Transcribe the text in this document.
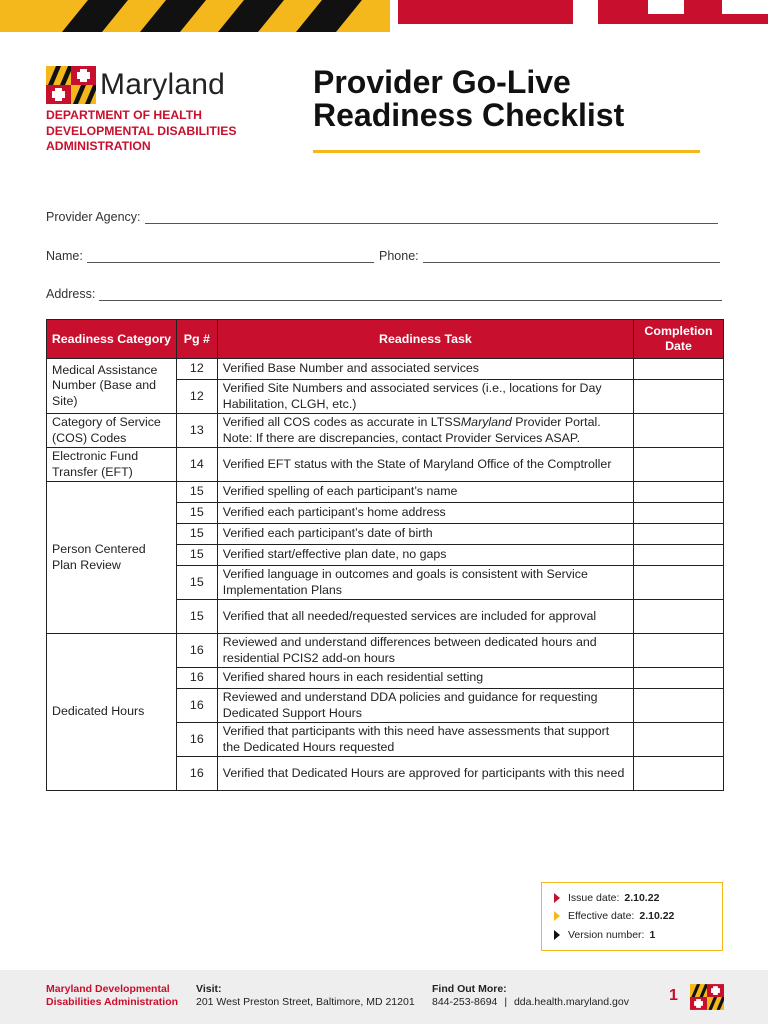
Maryland
DEPARTMENT OF HEALTH
DEVELOPMENTAL DISABILITIES
ADMINISTRATION
Provider Go-Live
Readiness Checklist
Provider Agency:
Name:	Phone:
Address:
Readiness Category	Pg #	Readiness Task	Completion Date
Medical Assistance Number (Base and Site)	12	Verified Base Number and associated services	
	12	Verified Site Numbers and associated services (i.e., locations for Day Habilitation, CLGH, etc.)	
Category of Service (COS) Codes	13	Verified all COS codes as accurate in LTSSMaryland Provider Portal. Note: If there are discrepancies, contact Provider Services ASAP.	
Electronic Fund Transfer (EFT)	14	Verified EFT status with the State of Maryland Office of the Comptroller	
Person Centered Plan Review	15	Verified spelling of each participant’s name	
	15	Verified each participant’s home address	
	15	Verified each participant’s date of birth	
	15	Verified start/effective plan date, no gaps	
	15	Verified language in outcomes and goals is consistent with Service Implementation Plans	
	15	Verified that all needed/requested services are included for approval	
Dedicated Hours	16	Reviewed and understand differences between dedicated hours and residential PCIS2 add-on hours	
	16	Verified shared hours in each residential setting	
	16	Reviewed and understand DDA policies and guidance for requesting Dedicated Support Hours	
	16	Verified that participants with this need have assessments that support the Dedicated Hours requested	
	16	Verified that Dedicated Hours are approved for participants with this need	
Issue date: 2.10.22
Effective date: 2.10.22
Version number: 1
Maryland Developmental
Disabilities Administration
Visit:
201 West Preston Street, Baltimore, MD 21201
Find Out More:
844-253-8694 | dda.health.maryland.gov	1
